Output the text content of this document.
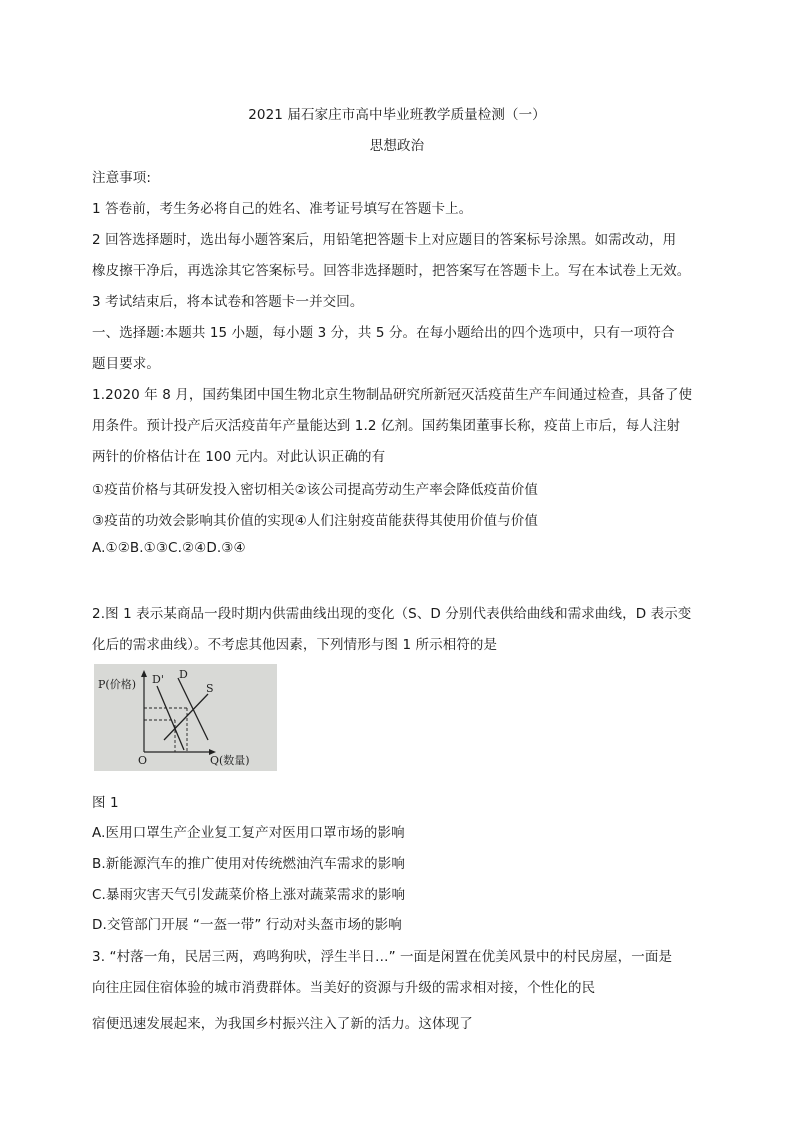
2021 届石家庄市高中毕业班教学质量检测（一）
思想政治
注意事项:
1 答卷前，考生务必将自己的姓名、准考证号填写在答题卡上。
2 回答选择题时，选出每小题答案后，用铅笔把答题卡上对应题目的答案标号涂黑。如需改动，用
橡皮擦干净后，再选涂其它答案标号。回答非选择题时，把答案写在答题卡上。写在本试卷上无效。
3 考试结束后，将本试卷和答题卡一并交回。
一、选择题:本题共 15 小题，每小题 3 分，共 5 分。在每小题给出的四个选项中，只有一项符合
题目要求。
1.2020 年 8 月，国药集团中国生物北京生物制品研究所新冠灭活疫苗生产车间通过检查，具备了使
用条件。预计投产后灭活疫苗年产量能达到 1.2 亿剂。国药集团董事长称，疫苗上市后，每人注射
两针的价格估计在 100 元内。对此认识正确的有
①疫苗价格与其研发投入密切相关②该公司提高劳动生产率会降低疫苗价值
③疫苗的功效会影响其价值的实现④人们注射疫苗能获得其使用价值与价值
A.①②B.①③C.②④D.③④
2.图 1 表示某商品一段时期内供需曲线出现的变化（S、D 分别代表供给曲线和需求曲线，D 表示变
化后的需求曲线）。不考虑其他因素，下列情形与图 1 所示相符的是
P(价格)
O	Q(数量)
D' D
S
图 1
A.医用口罩生产企业复工复产对医用口罩市场的影响
B.新能源汽车的推广使用对传统燃油汽车需求的影响
C.暴雨灾害天气引发蔬菜价格上涨对蔬菜需求的影响
D.交管部门开展 “一盔一带” 行动对头盔市场的影响
3. “村落一角，民居三两，鸡鸣狗吠，浮生半日…” 一面是闲置在优美风景中的村民房屋，一面是
向往庄园住宿体验的城市消费群体。当美好的资源与升级的需求相对接，个性化的民
宿便迅速发展起来，为我国乡村振兴注入了新的活力。这体现了
